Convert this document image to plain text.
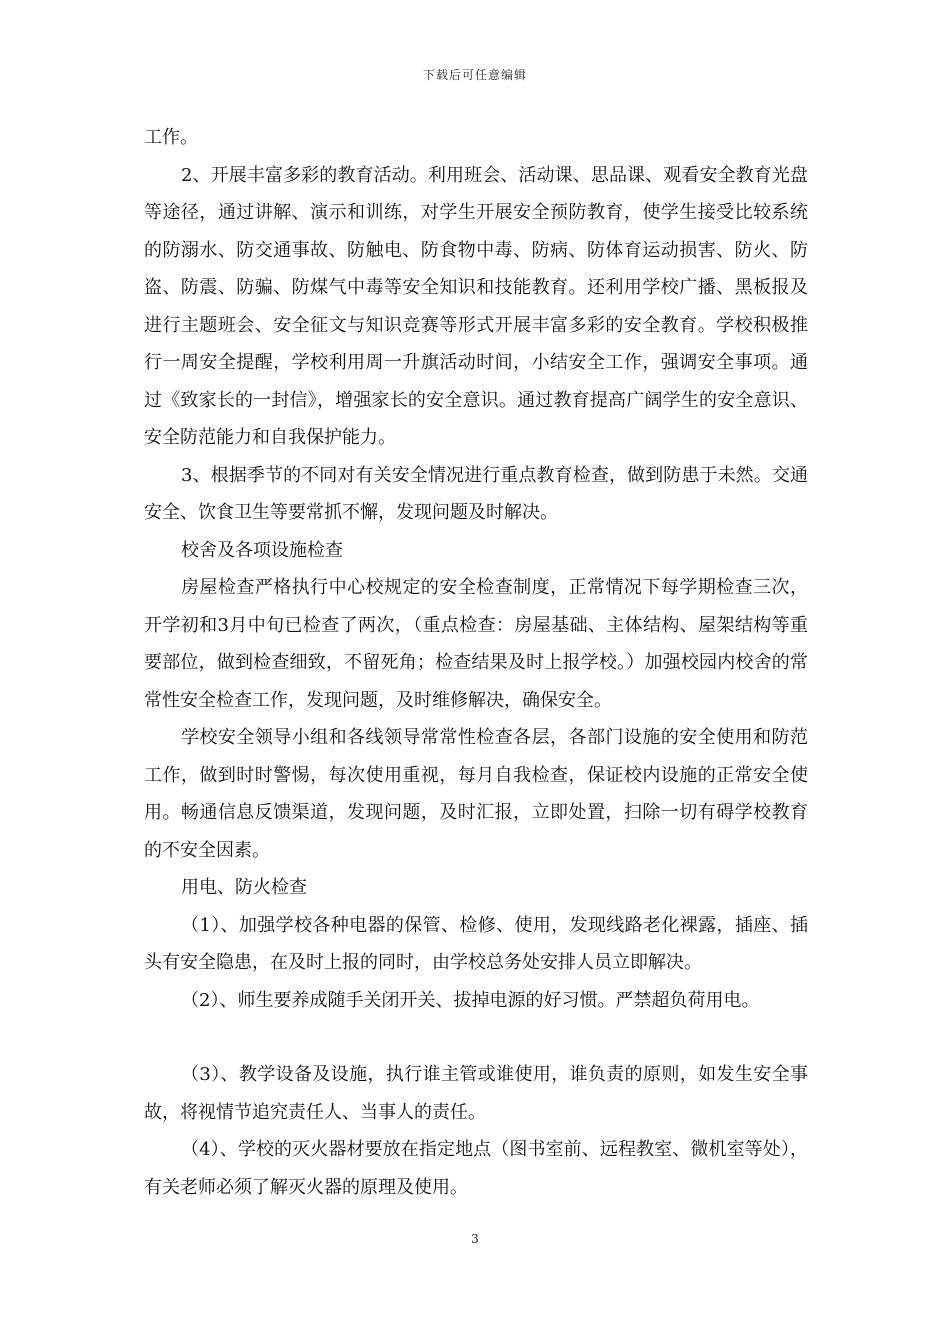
下载后可任意编辑

工作。

2、开展丰富多彩的教育活动。利用班会、活动课、思品课、观看安全教育光盘等途径，通过讲解、演示和训练，对学生开展安全预防教育，使学生接受比较系统的防溺水、防交通事故、防触电、防食物中毒、防病、防体育运动损害、防火、防盗、防震、防骗、防煤气中毒等安全知识和技能教育。还利用学校广播、黑板报及进行主题班会、安全征文与知识竞赛等形式开展丰富多彩的安全教育。学校积极推行一周安全提醒，学校利用周一升旗活动时间，小结安全工作，强调安全事项。通过《致家长的一封信》，增强家长的安全意识。通过教育提高广阔学生的安全意识、安全防范能力和自我保护能力。

3、根据季节的不同对有关安全情况进行重点教育检查，做到防患于未然。交通安全、饮食卫生等要常抓不懈，发现问题及时解决。

校舍及各项设施检查

房屋检查严格执行中心校规定的安全检查制度，正常情况下每学期检查三次，开学初和3月中旬已检查了两次，（重点检查：房屋基础、主体结构、屋架结构等重要部位，做到检查细致，不留死角；检查结果及时上报学校。）加强校园内校舍的常常性安全检查工作，发现问题，及时维修解决，确保安全。

学校安全领导小组和各线领导常常性检查各层，各部门设施的安全使用和防范工作，做到时时警惕，每次使用重视，每月自我检查，保证校内设施的正常安全使用。畅通信息反馈渠道，发现问题，及时汇报，立即处置，扫除一切有碍学校教育的不安全因素。

用电、防火检查

（1）、加强学校各种电器的保管、检修、使用，发现线路老化裸露，插座、插头有安全隐患，在及时上报的同时，由学校总务处安排人员立即解决。

（2）、师生要养成随手关闭开关、拔掉电源的好习惯。严禁超负荷用电。

（3）、教学设备及设施，执行谁主管或谁使用，谁负责的原则，如发生安全事故，将视情节追究责任人、当事人的责任。

（4）、学校的灭火器材要放在指定地点（图书室前、远程教室、微机室等处），有关老师必须了解灭火器的原理及使用。

3
